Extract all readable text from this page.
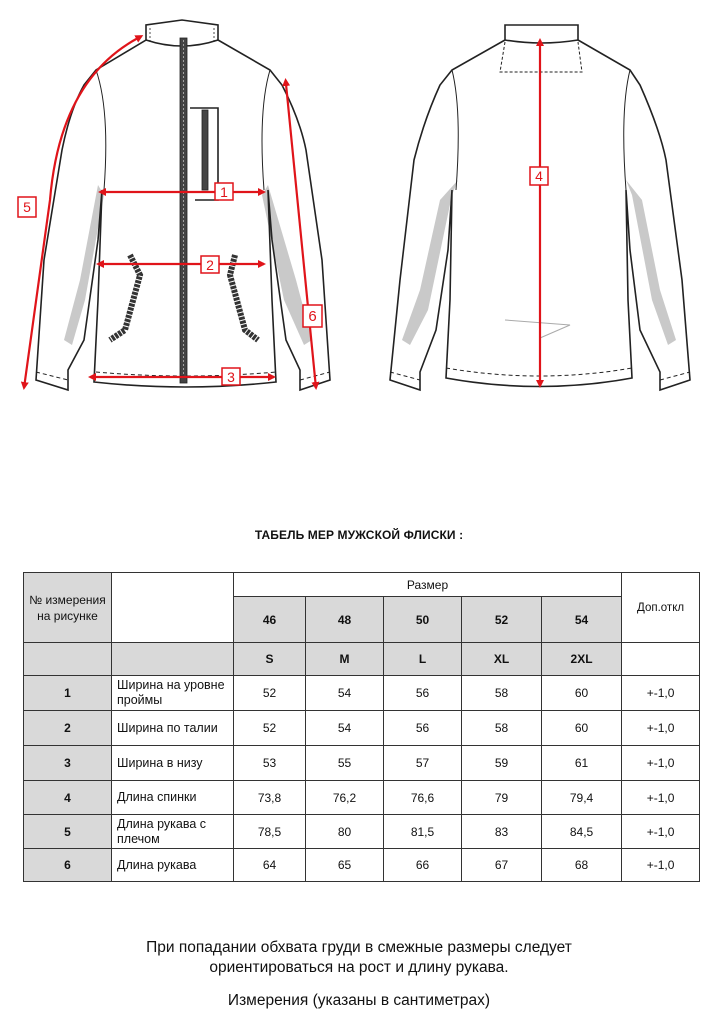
1
2
3
5
6
4
ТАБЕЛЬ МЕР МУЖСКОЙ ФЛИСКИ :
№ измерения на рисунке		Размер					Доп.откл
		46	48	50	52	54	
		S	M	L	XL	2XL	
1	Ширина на уровне проймы	52	54	56	58	60	+-1,0
2	Ширина по талии	52	54	56	58	60	+-1,0
3	Ширина в низу	53	55	57	59	61	+-1,0
4	Длина спинки	73,8	76,2	76,6	79	79,4	+-1,0
5	Длина рукава с плечом	78,5	80	81,5	83	84,5	+-1,0
6	Длина рукава	64	65	66	67	68	+-1,0
При попадании обхвата груди в смежные размеры следует
ориентироваться на рост и длину рукава.
Измерения (указаны в сантиметрах)
